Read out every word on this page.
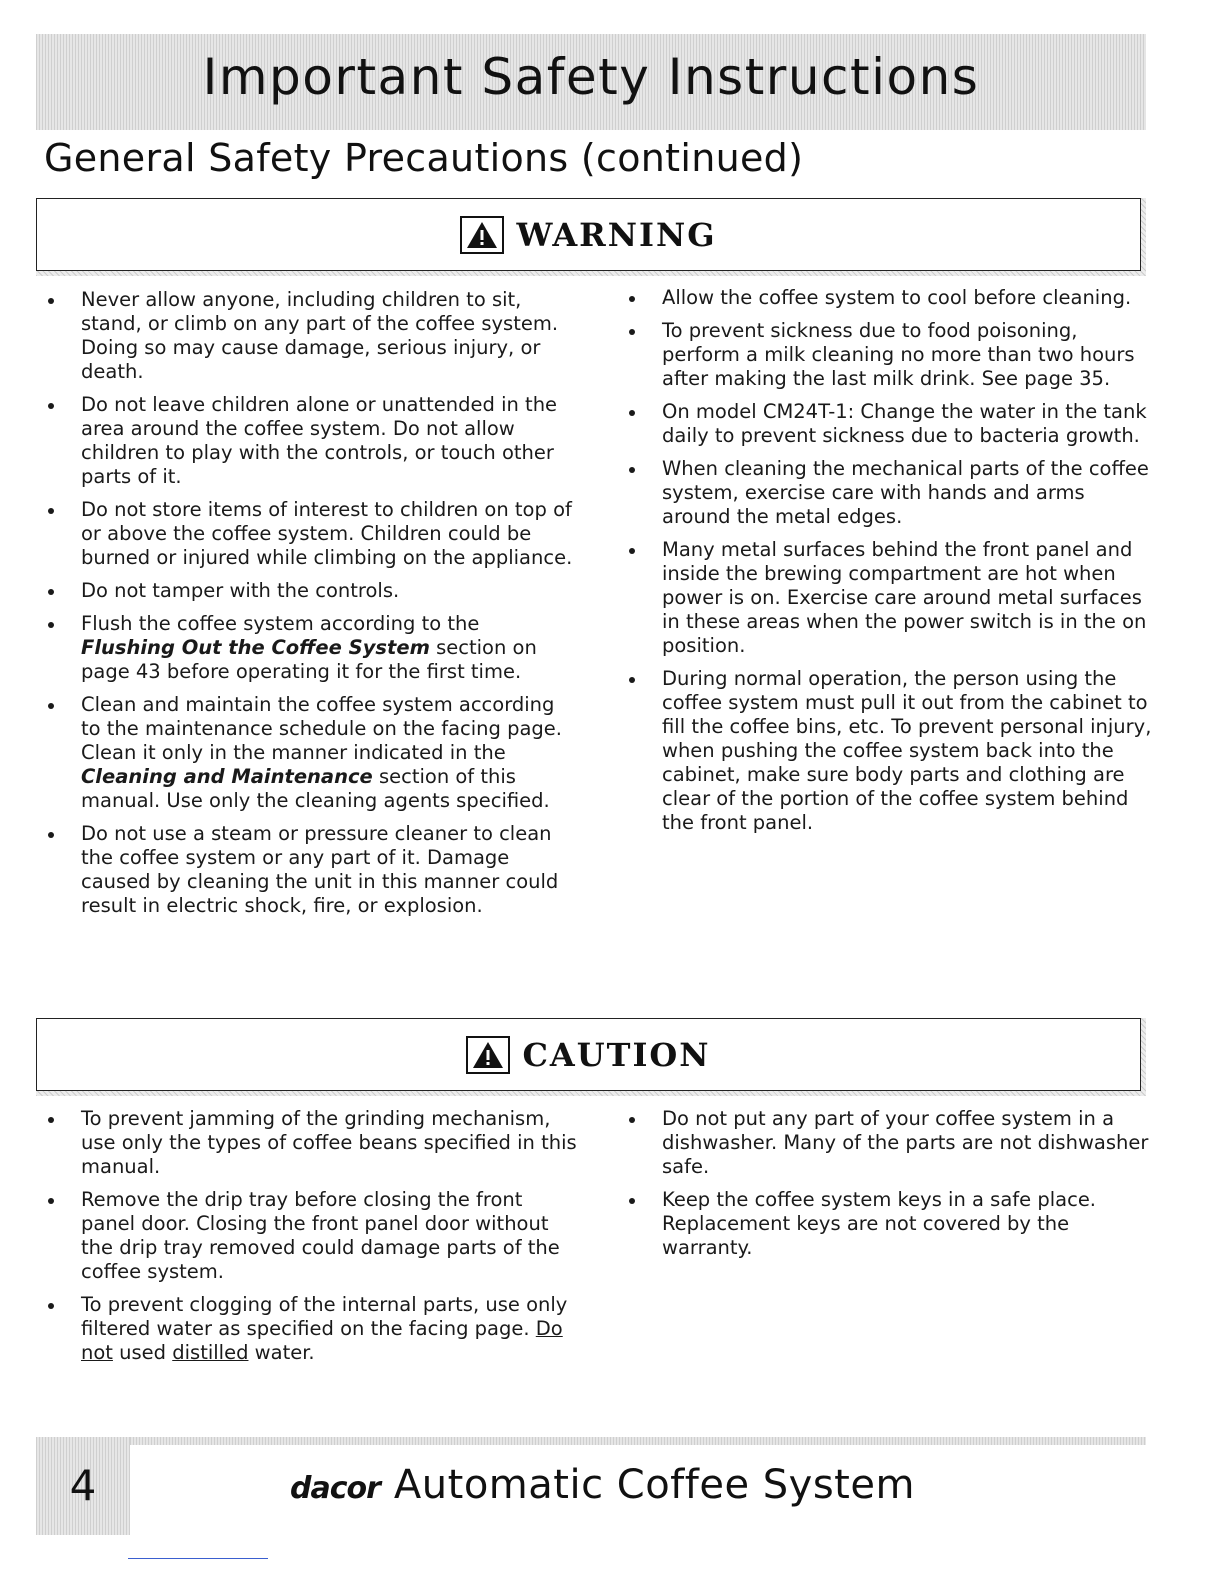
Important Safety Instructions
General Safety Precautions (continued)
WARNING
Never allow anyone, including children to sit, stand, or climb on any part of the coffee system. Doing so may cause damage, serious injury, or death.
Do not leave children alone or unattended in the area around the coffee system. Do not allow children to play with the controls, or touch other parts of it.
Do not store items of interest to children on top of or above the coffee system. Children could be burned or injured while climbing on the appliance.
Do not tamper with the controls.
Flush the coffee system according to the Flushing Out the Coffee System section on page 43 before operating it for the first time.
Clean and maintain the coffee system according to the maintenance schedule on the facing page. Clean it only in the manner indicated in the Cleaning and Maintenance section of this manual. Use only the cleaning agents specified.
Do not use a steam or pressure cleaner to clean the coffee system or any part of it. Damage caused by cleaning the unit in this manner could result in electric shock, fire, or explosion.
Allow the coffee system to cool before cleaning.
To prevent sickness due to food poisoning, perform a milk cleaning no more than two hours after making the last milk drink. See page 35.
On model CM24T-1: Change the water in the tank daily to prevent sickness due to bacteria growth.
When cleaning the mechanical parts of the coffee system, exercise care with hands and arms around the metal edges.
Many metal surfaces behind the front panel and inside the brewing compartment are hot when power is on. Exercise care around metal surfaces in these areas when the power switch is in the on position.
During normal operation, the person using the coffee system must pull it out from the cabinet to fill the coffee bins, etc. To prevent personal injury, when pushing the coffee system back into the cabinet, make sure body parts and clothing are clear of the portion of the coffee system behind the front panel.
CAUTION
To prevent jamming of the grinding mechanism, use only the types of coffee beans specified in this manual.
Remove the drip tray before closing the front panel door. Closing the front panel door without the drip tray removed could damage parts of the coffee system.
To prevent clogging of the internal parts, use only filtered water as specified on the facing page. Do not used distilled water.
Do not put any part of your coffee system in a dishwasher. Many of the parts are not dishwasher safe.
Keep the coffee system keys in a safe place. Replacement keys are not covered by the warranty.
4	dacor Automatic Coffee System
